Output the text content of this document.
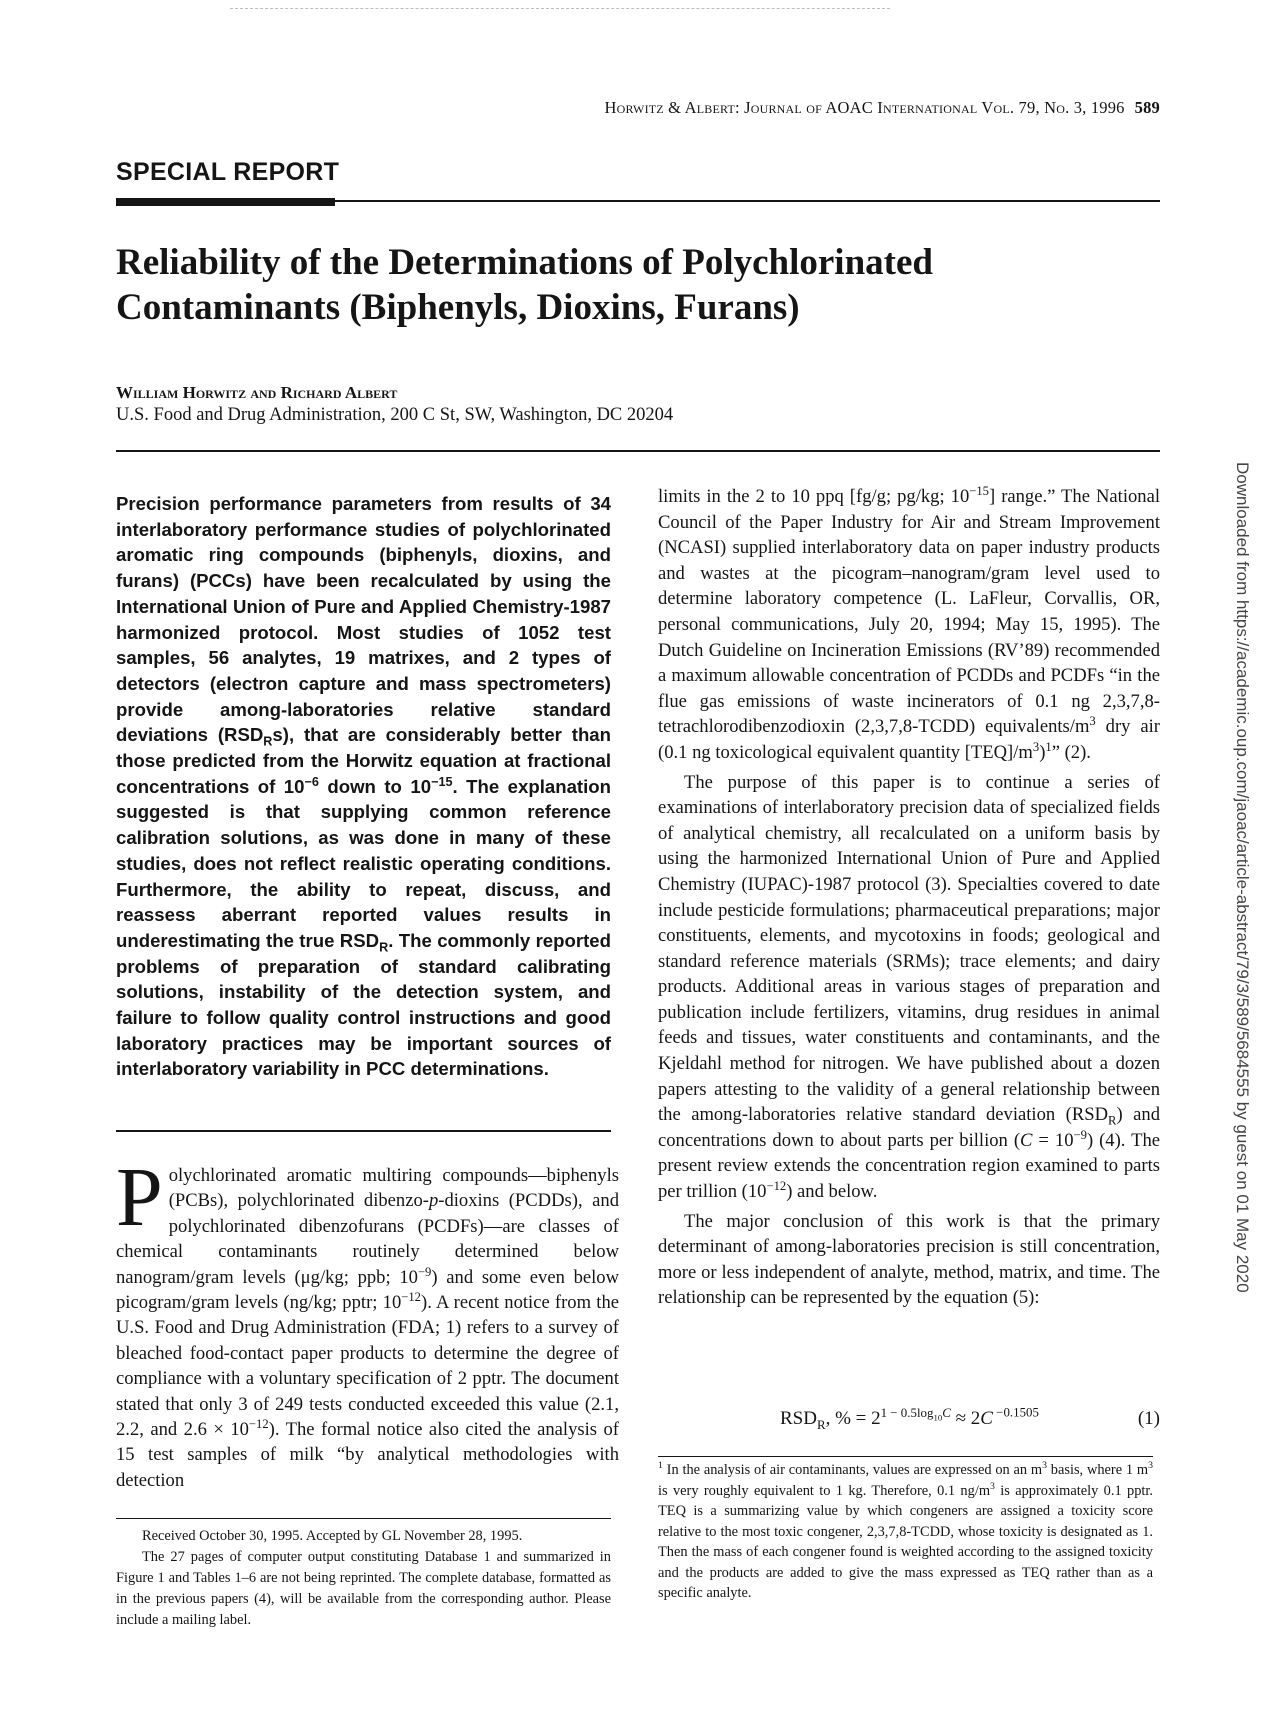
Horwitz & Albert: Journal of AOAC International Vol. 79, No. 3, 1996 589
SPECIAL REPORT
Reliability of the Determinations of Polychlorinated
Contaminants (Biphenyls, Dioxins, Furans)
William Horwitz and Richard Albert
U.S. Food and Drug Administration, 200 C St, SW, Washington, DC 20204
Precision performance parameters from results of 34 interlaboratory performance studies of polychlorinated aromatic ring compounds (biphenyls, dioxins, and furans) (PCCs) have been recalculated by using the International Union of Pure and Applied Chemistry-1987 harmonized protocol. Most studies of 1052 test samples, 56 analytes, 19 matrixes, and 2 types of detectors (electron capture and mass spectrometers) provide among-laboratories relative standard deviations $(RSD_Rs)$, that are considerably better than those predicted from the Horwitz equation at fractional concentrations of $10^{-6}$ down to $10^{-15}$. The explanation suggested is that supplying common reference calibration solutions, as was done in many of these studies, does not reflect realistic operating conditions. Furthermore, the ability to repeat, discuss, and reassess aberrant reported values results in underestimating the true $RSD_R$. The commonly reported problems of preparation of standard calibrating solutions, instability of the detection system, and failure to follow quality control instructions and good laboratory practices may be important sources of interlaboratory variability in PCC determinations.
Polychlorinated aromatic multiring compounds—biphenyls (PCBs), polychlorinated dibenzo-p-dioxins (PCDDs), and polychlorinated dibenzofurans (PCDFs)—are classes of chemical contaminants routinely determined below nanogram/gram levels (μg/kg; ppb; $10^{-9}$) and some even below picogram/gram levels (ng/kg; pptr; $10^{-12}$). A recent notice from the U.S. Food and Drug Administration (FDA; 1) refers to a survey of bleached food-contact paper products to determine the degree of compliance with a voluntary specification of 2 pptr. The document stated that only 3 of 249 tests conducted exceeded this value (2.1, 2.2, and $2.6 \times 10^{-12}$). The formal notice also cited the analysis of 15 test samples of milk “by analytical methodologies with detection

Received October 30, 1995. Accepted by GL November 28, 1995.

The 27 pages of computer output constituting Database 1 and summarized in Figure 1 and Tables 1–6 are not being reprinted. The complete database, formatted as in the previous papers (4), will be available from the corresponding author. Please include a mailing label.

limits in the 2 to 10 ppq [fg/g; pg/kg; $10^{-15}$] range.” The National Council of the Paper Industry for Air and Stream Improvement (NCASI) supplied interlaboratory data on paper industry products and wastes at the picogram–nanogram/gram level used to determine laboratory competence (L. LaFleur, Corvallis, OR, personal communications, July 20, 1994; May 15, 1995). The Dutch Guideline on Incineration Emissions (RV’89) recommended a maximum allowable concentration of PCDDs and PCDFs “in the flue gas emissions of waste incinerators of 0.1 ng 2,3,7,8-tetrachlorodibenzodioxin (2,3,7,8-TCDD) equivalents/$m^3$ dry air (0.1 ng toxicological equivalent quantity $[TEQ]/m^3)^1$” (2).

The purpose of this paper is to continue a series of examinations of interlaboratory precision data of specialized fields of analytical chemistry, all recalculated on a uniform basis by using the harmonized International Union of Pure and Applied Chemistry (IUPAC)-1987 protocol (3). Specialties covered to date include pesticide formulations; pharmaceutical preparations; major constituents, elements, and mycotoxins in foods; geological and standard reference materials (SRMs); trace elements; and dairy products. Additional areas in various stages of preparation and publication include fertilizers, vitamins, drug residues in animal feeds and tissues, water constituents and contaminants, and the Kjeldahl method for nitrogen. We have published about a dozen papers attesting to the validity of a general relationship between the among-laboratories relative standard deviation $(RSD_R)$ and concentrations down to about parts per billion $(C = 10^{-9})$ (4). The present review extends the concentration region examined to parts per trillion $(10^{-12})$ and below.

The major conclusion of this work is that the primary determinant of among-laboratories precision is still concentration, more or less independent of analyte, method, matrix, and time. The relationship can be represented by the equation (5):

$RSD_R$, % = $2^{1 - 0.5log_{10}C} \approx 2C$ $^{-0.1505}$	(1)

$^1$ In the analysis of air contaminants, values are expressed on an $m^3$ basis, where 1 $m^3$ is very roughly equivalent to 1 kg. Therefore, 0.1 $ng/m^3$ is approximately 0.1 pptr. TEQ is a summarizing value by which congeners are assigned a toxicity score relative to the most toxic congener, 2,3,7,8-TCDD, whose toxicity is designated as 1. Then the mass of each congener found is weighted according to the assigned toxicity and the products are added to give the mass expressed as TEQ rather than as a specific analyte.

Downloaded from https://academic.oup.com/jaoac/article-abstract/79/3/589/5684555 by guest on 01 May 2020
